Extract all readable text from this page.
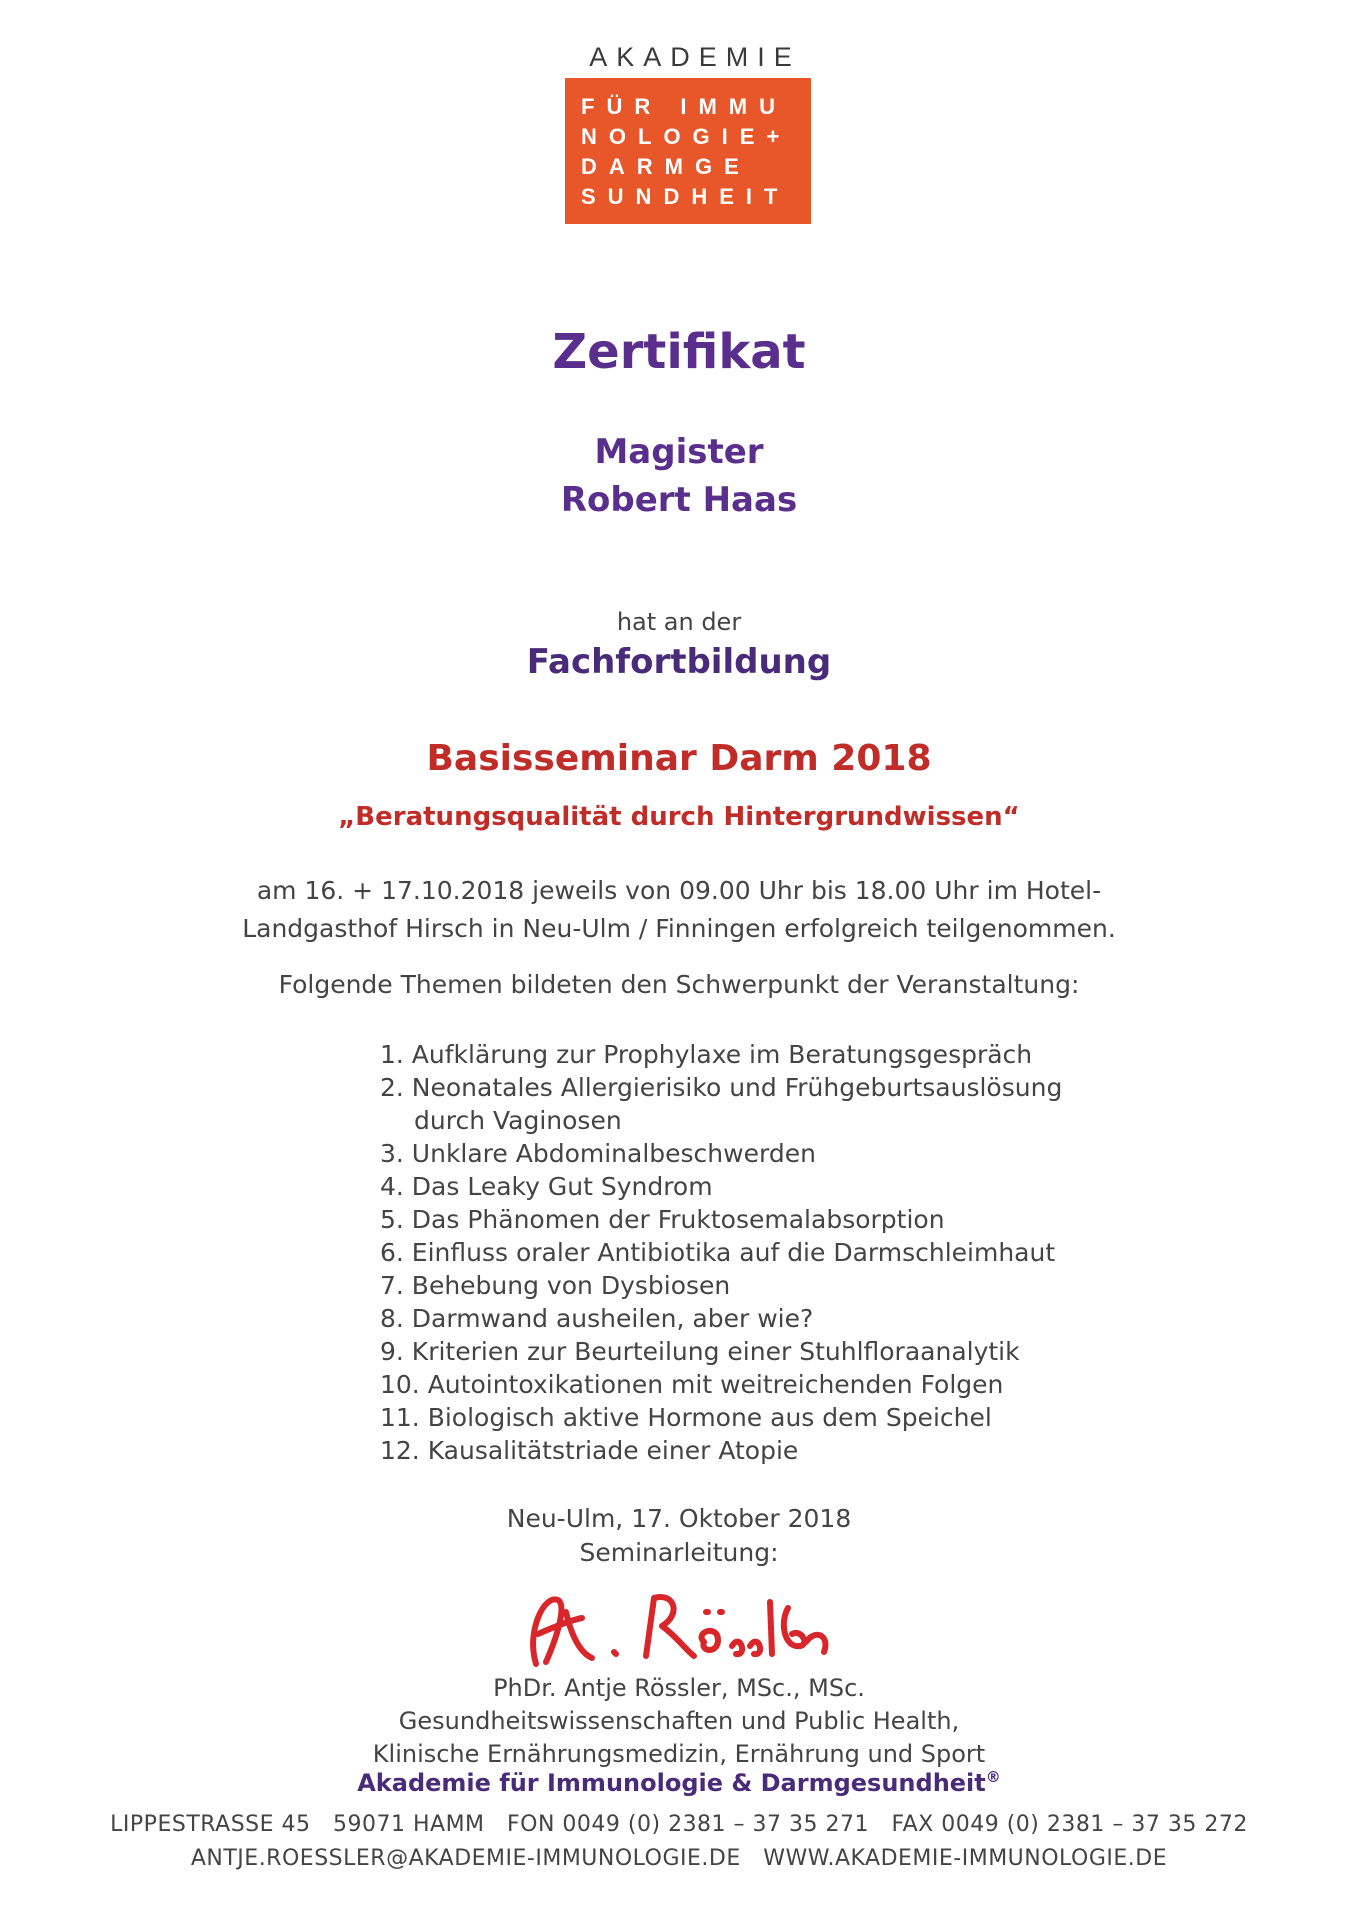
AKADEMIE
FÜR IMMU
NOLOGIE+
DARMGE
SUNDHEIT
Zertifikat
Magister
Robert Haas
hat an der
Fachfortbildung
Basisseminar Darm 2018
„Beratungsqualität durch Hintergrundwissen“
am 16. + 17.10.2018 jeweils von 09.00 Uhr bis 18.00 Uhr im Hotel-
Landgasthof Hirsch in Neu-Ulm / Finningen erfolgreich teilgenommen.
Folgende Themen bildeten den Schwerpunkt der Veranstaltung:
1. Aufklärung zur Prophylaxe im Beratungsgespräch
2. Neonatales Allergierisiko und Frühgeburtsauslösung
durch Vaginosen
3. Unklare Abdominalbeschwerden
4. Das Leaky Gut Syndrom
5. Das Phänomen der Fruktosemalabsorption
6. Einfluss oraler Antibiotika auf die Darmschleimhaut
7. Behebung von Dysbiosen
8. Darmwand ausheilen, aber wie?
9. Kriterien zur Beurteilung einer Stuhlfloraanalytik
10. Autointoxikationen mit weitreichenden Folgen
11. Biologisch aktive Hormone aus dem Speichel
12. Kausalitätstriade einer Atopie
Neu-Ulm, 17. Oktober 2018
Seminarleitung:
PhDr. Antje Rössler, MSc., MSc.
Gesundheitswissenschaften und Public Health,
Klinische Ernährungsmedizin, Ernährung und Sport
Akademie für Immunologie & Darmgesundheit®
LIPPESTRASSE 45   59071 HAMM   FON 0049 (0) 2381 – 37 35 271   FAX 0049 (0) 2381 – 37 35 272
ANTJE.ROESSLER@AKADEMIE-IMMUNOLOGIE.DE   WWW.AKADEMIE-IMMUNOLOGIE.DE
